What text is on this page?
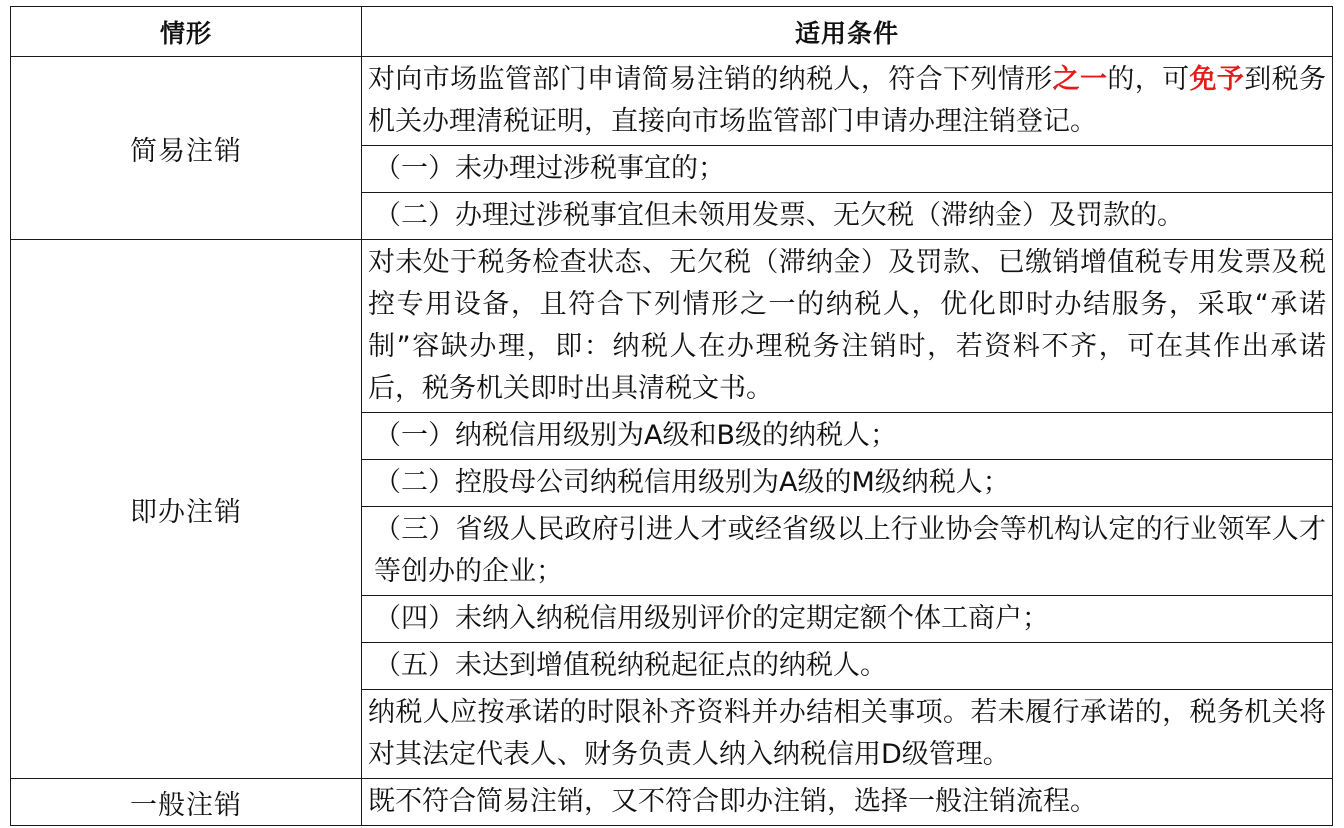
情形	适用条件
简易注销	对向市场监管部门申请简易注销的纳税人，符合下列情形之一的，可免予到税务机关办理清税证明，直接向市场监管部门申请办理注销登记。
	（一）未办理过涉税事宜的；
	（二）办理过涉税事宜但未领用发票、无欠税（滞纳金）及罚款的。
即办注销	对未处于税务检查状态、无欠税（滞纳金）及罚款、已缴销增值税专用发票及税控专用设备，且符合下列情形之一的纳税人，优化即时办结服务，采取“承诺制”容缺办理，即：纳税人在办理税务注销时，若资料不齐，可在其作出承诺后，税务机关即时出具清税文书。
	（一）纳税信用级别为A级和B级的纳税人；
	（二）控股母公司纳税信用级别为A级的M级纳税人；
	（三）省级人民政府引进人才或经省级以上行业协会等机构认定的行业领军人才等创办的企业；
	（四）未纳入纳税信用级别评价的定期定额个体工商户；
	（五）未达到增值税纳税起征点的纳税人。
	纳税人应按承诺的时限补齐资料并办结相关事项。若未履行承诺的，税务机关将对其法定代表人、财务负责人纳入纳税信用D级管理。
一般注销	既不符合简易注销，又不符合即办注销，选择一般注销流程。
